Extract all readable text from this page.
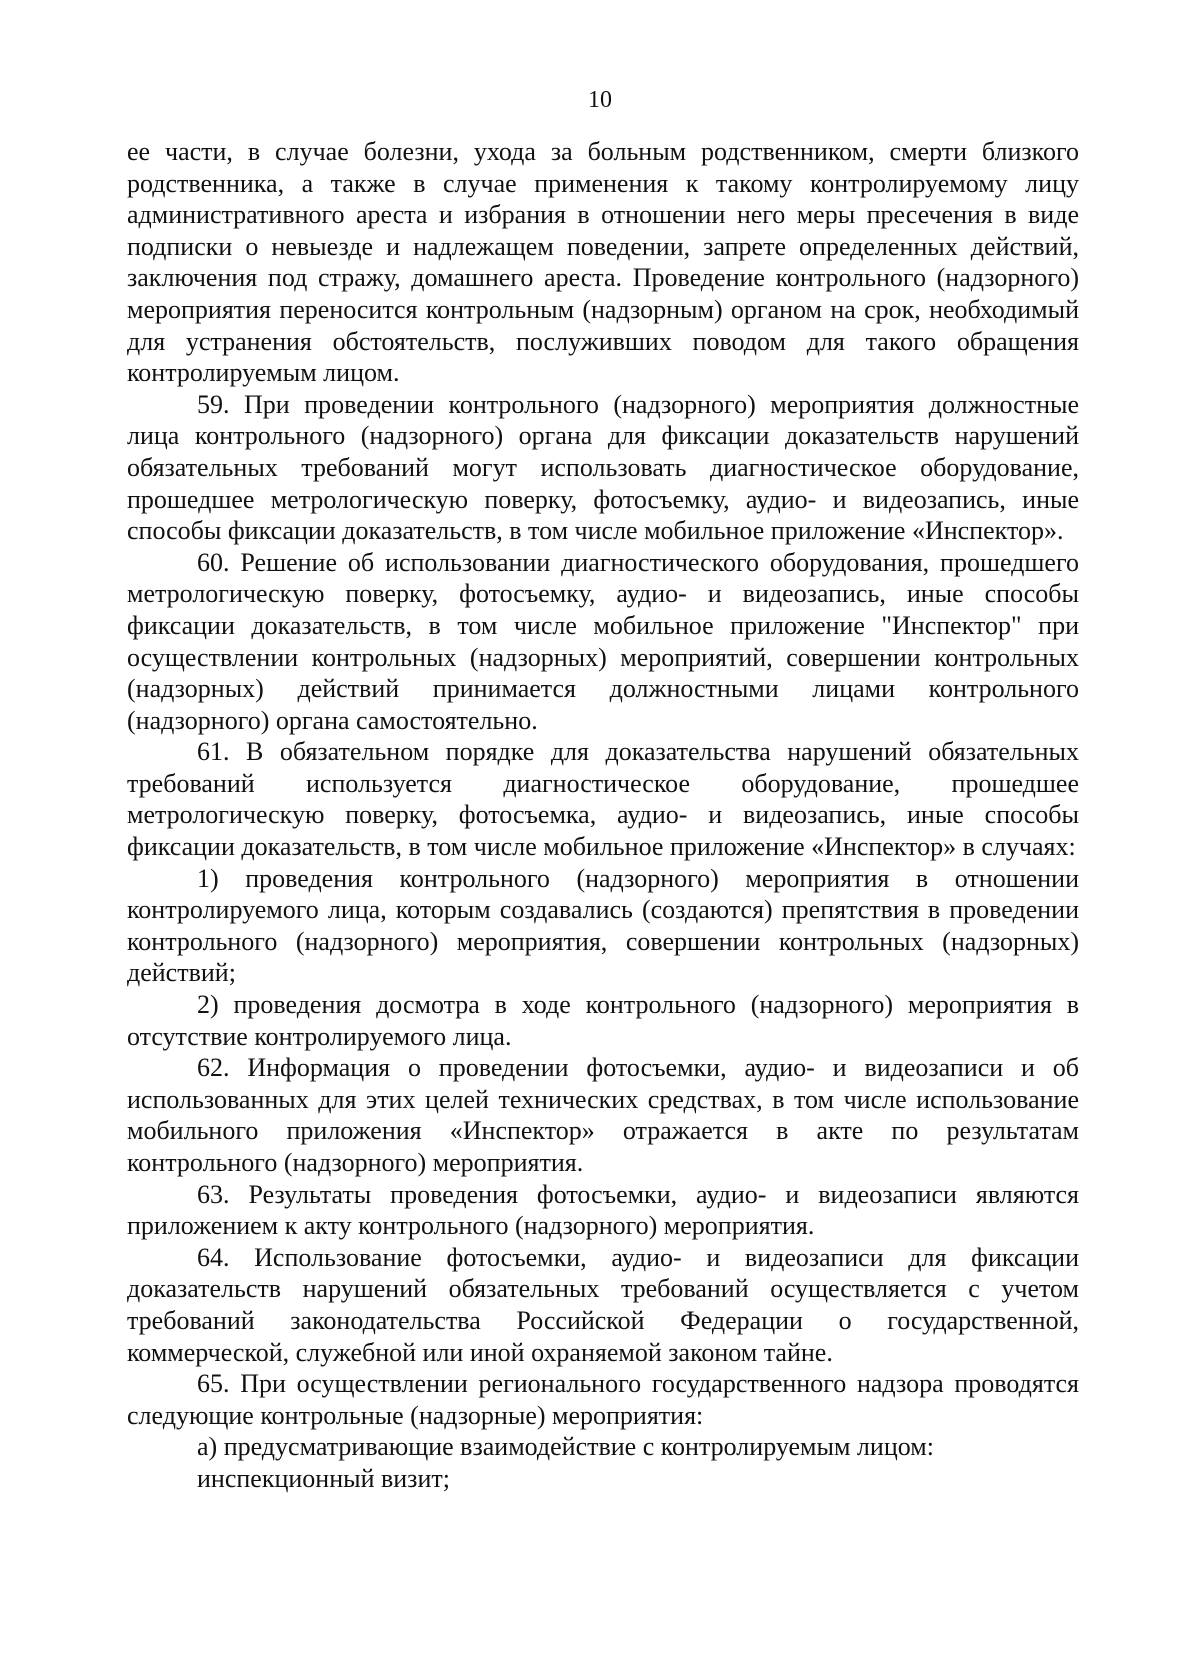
10

ее части, в случае болезни, ухода за больным родственником, смерти близкого родственника, а также в случае применения к такому контролируемому лицу административного ареста и избрания в отношении него меры пресечения в виде подписки о невыезде и надлежащем поведении, запрете определенных действий, заключения под стражу, домашнего ареста. Проведение контрольного (надзорного) мероприятия переносится контрольным (надзорным) органом на срок, необходимый для устранения обстоятельств, послуживших поводом для такого обращения контролируемым лицом.

59. При проведении контрольного (надзорного) мероприятия должностные лица контрольного (надзорного) органа для фиксации доказательств нарушений обязательных требований могут использовать диагностическое оборудование, прошедшее метрологическую поверку, фотосъемку, аудио- и видеозапись, иные способы фиксации доказательств, в том числе мобильное приложение «Инспектор».

60. Решение об использовании диагностического оборудования, прошедшего метрологическую поверку, фотосъемку, аудио- и видеозапись, иные способы фиксации доказательств, в том числе мобильное приложение "Инспектор" при осуществлении контрольных (надзорных) мероприятий, совершении контрольных (надзорных) действий принимается должностными лицами контрольного (надзорного) органа самостоятельно.

61. В обязательном порядке для доказательства нарушений обязательных требований используется диагностическое оборудование, прошедшее метрологическую поверку, фотосъемка, аудио- и видеозапись, иные способы фиксации доказательств, в том числе мобильное приложение «Инспектор» в случаях:

1) проведения контрольного (надзорного) мероприятия в отношении контролируемого лица, которым создавались (создаются) препятствия в проведении контрольного (надзорного) мероприятия, совершении контрольных (надзорных) действий;

2) проведения досмотра в ходе контрольного (надзорного) мероприятия в отсутствие контролируемого лица.

62. Информация о проведении фотосъемки, аудио- и видеозаписи и об использованных для этих целей технических средствах, в том числе использование мобильного приложения «Инспектор» отражается в акте по результатам контрольного (надзорного) мероприятия.

63. Результаты проведения фотосъемки, аудио- и видеозаписи являются приложением к акту контрольного (надзорного) мероприятия.

64. Использование фотосъемки, аудио- и видеозаписи для фиксации доказательств нарушений обязательных требований осуществляется с учетом требований законодательства Российской Федерации о государственной, коммерческой, служебной или иной охраняемой законом тайне.

65. При осуществлении регионального государственного надзора проводятся следующие контрольные (надзорные) мероприятия:

а) предусматривающие взаимодействие с контролируемым лицом:

инспекционный визит;
